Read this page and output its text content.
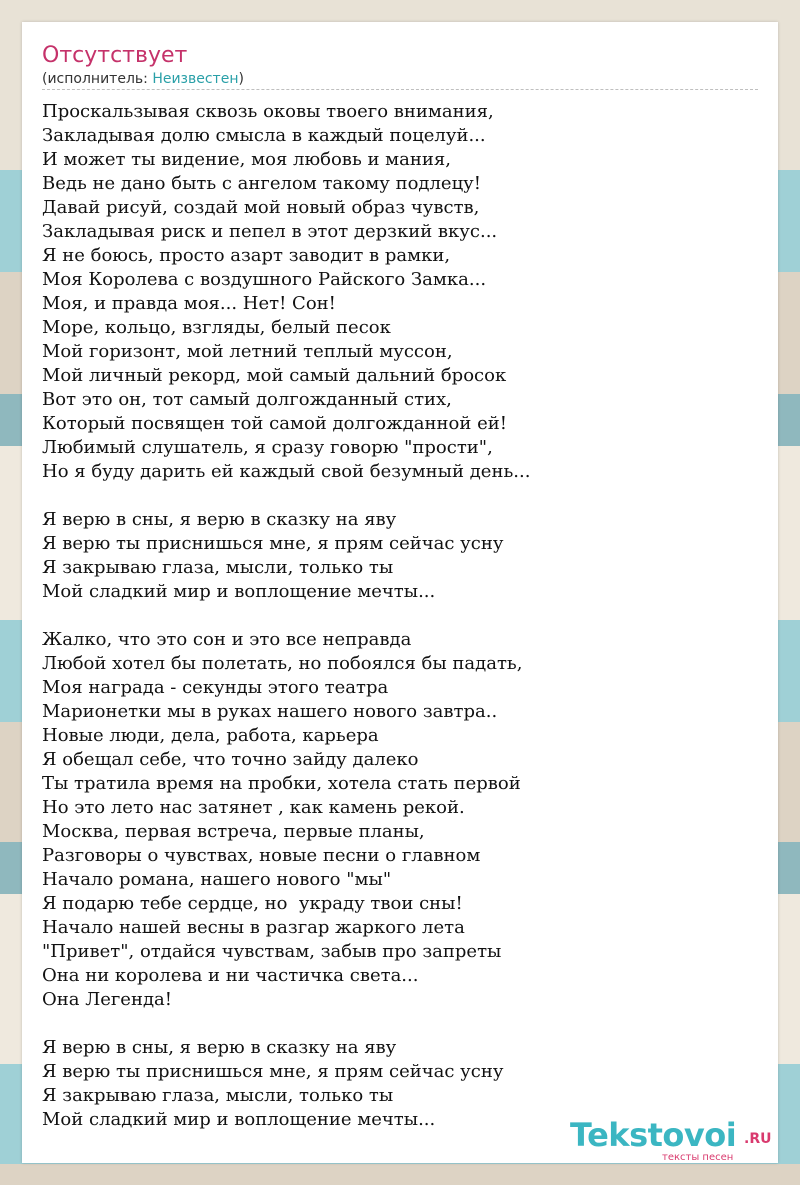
Отсутствует
(исполнитель: Неизвестен)
Проскальзывая сквозь оковы твоего внимания,
Закладывая долю смысла в каждый поцелуй...
И может ты видение, моя любовь и мания,
Ведь не дано быть с ангелом такому подлецу!
Давай рисуй, создай мой новый образ чувств,
Закладывая риск и пепел в этот дерзкий вкус...
Я не боюсь, просто азарт заводит в рамки,
Моя Королева с воздушного Райского Замка...
Моя, и правда моя... Нет! Сон!
Море, кольцо, взгляды, белый песок
Мой горизонт, мой летний теплый муссон,
Мой личный рекорд, мой самый дальний бросок
Вот это он, тот самый долгожданный стих,
Который посвящен той самой долгожданной ей!
Любимый слушатель, я сразу говорю "прости",
Но я буду дарить ей каждый свой безумный день...

Я верю в сны, я верю в сказку на яву
Я верю ты приснишься мне, я прям сейчас усну
Я закрываю глаза, мысли, только ты
Мой сладкий мир и воплощение мечты...

Жалко, что это сон и это все неправда
Любой хотел бы полетать, но побоялся бы падать,
Моя награда - секунды этого театра
Марионетки мы в руках нашего нового завтра..
Новые люди, дела, работа, карьера
Я обещал себе, что точно зайду далеко
Ты тратила время на пробки, хотела стать первой
Но это лето нас затянет , как камень рекой.
Москва, первая встреча, первые планы,
Разговоры о чувствах, новые песни о главном
Начало романа, нашего нового "мы"
Я подарю тебе сердце, но  украду твои сны!
Начало нашей весны в разгар жаркого лета
"Привет", отдайся чувствам, забыв про запреты
Она ни королева и ни частичка света...
Она Легенда!

Я верю в сны, я верю в сказку на яву
Я верю ты приснишься мне, я прям сейчас усну
Я закрываю глаза, мысли, только ты
Мой сладкий мир и воплощение мечты...	Tekstovoi .RU
тексты песен
